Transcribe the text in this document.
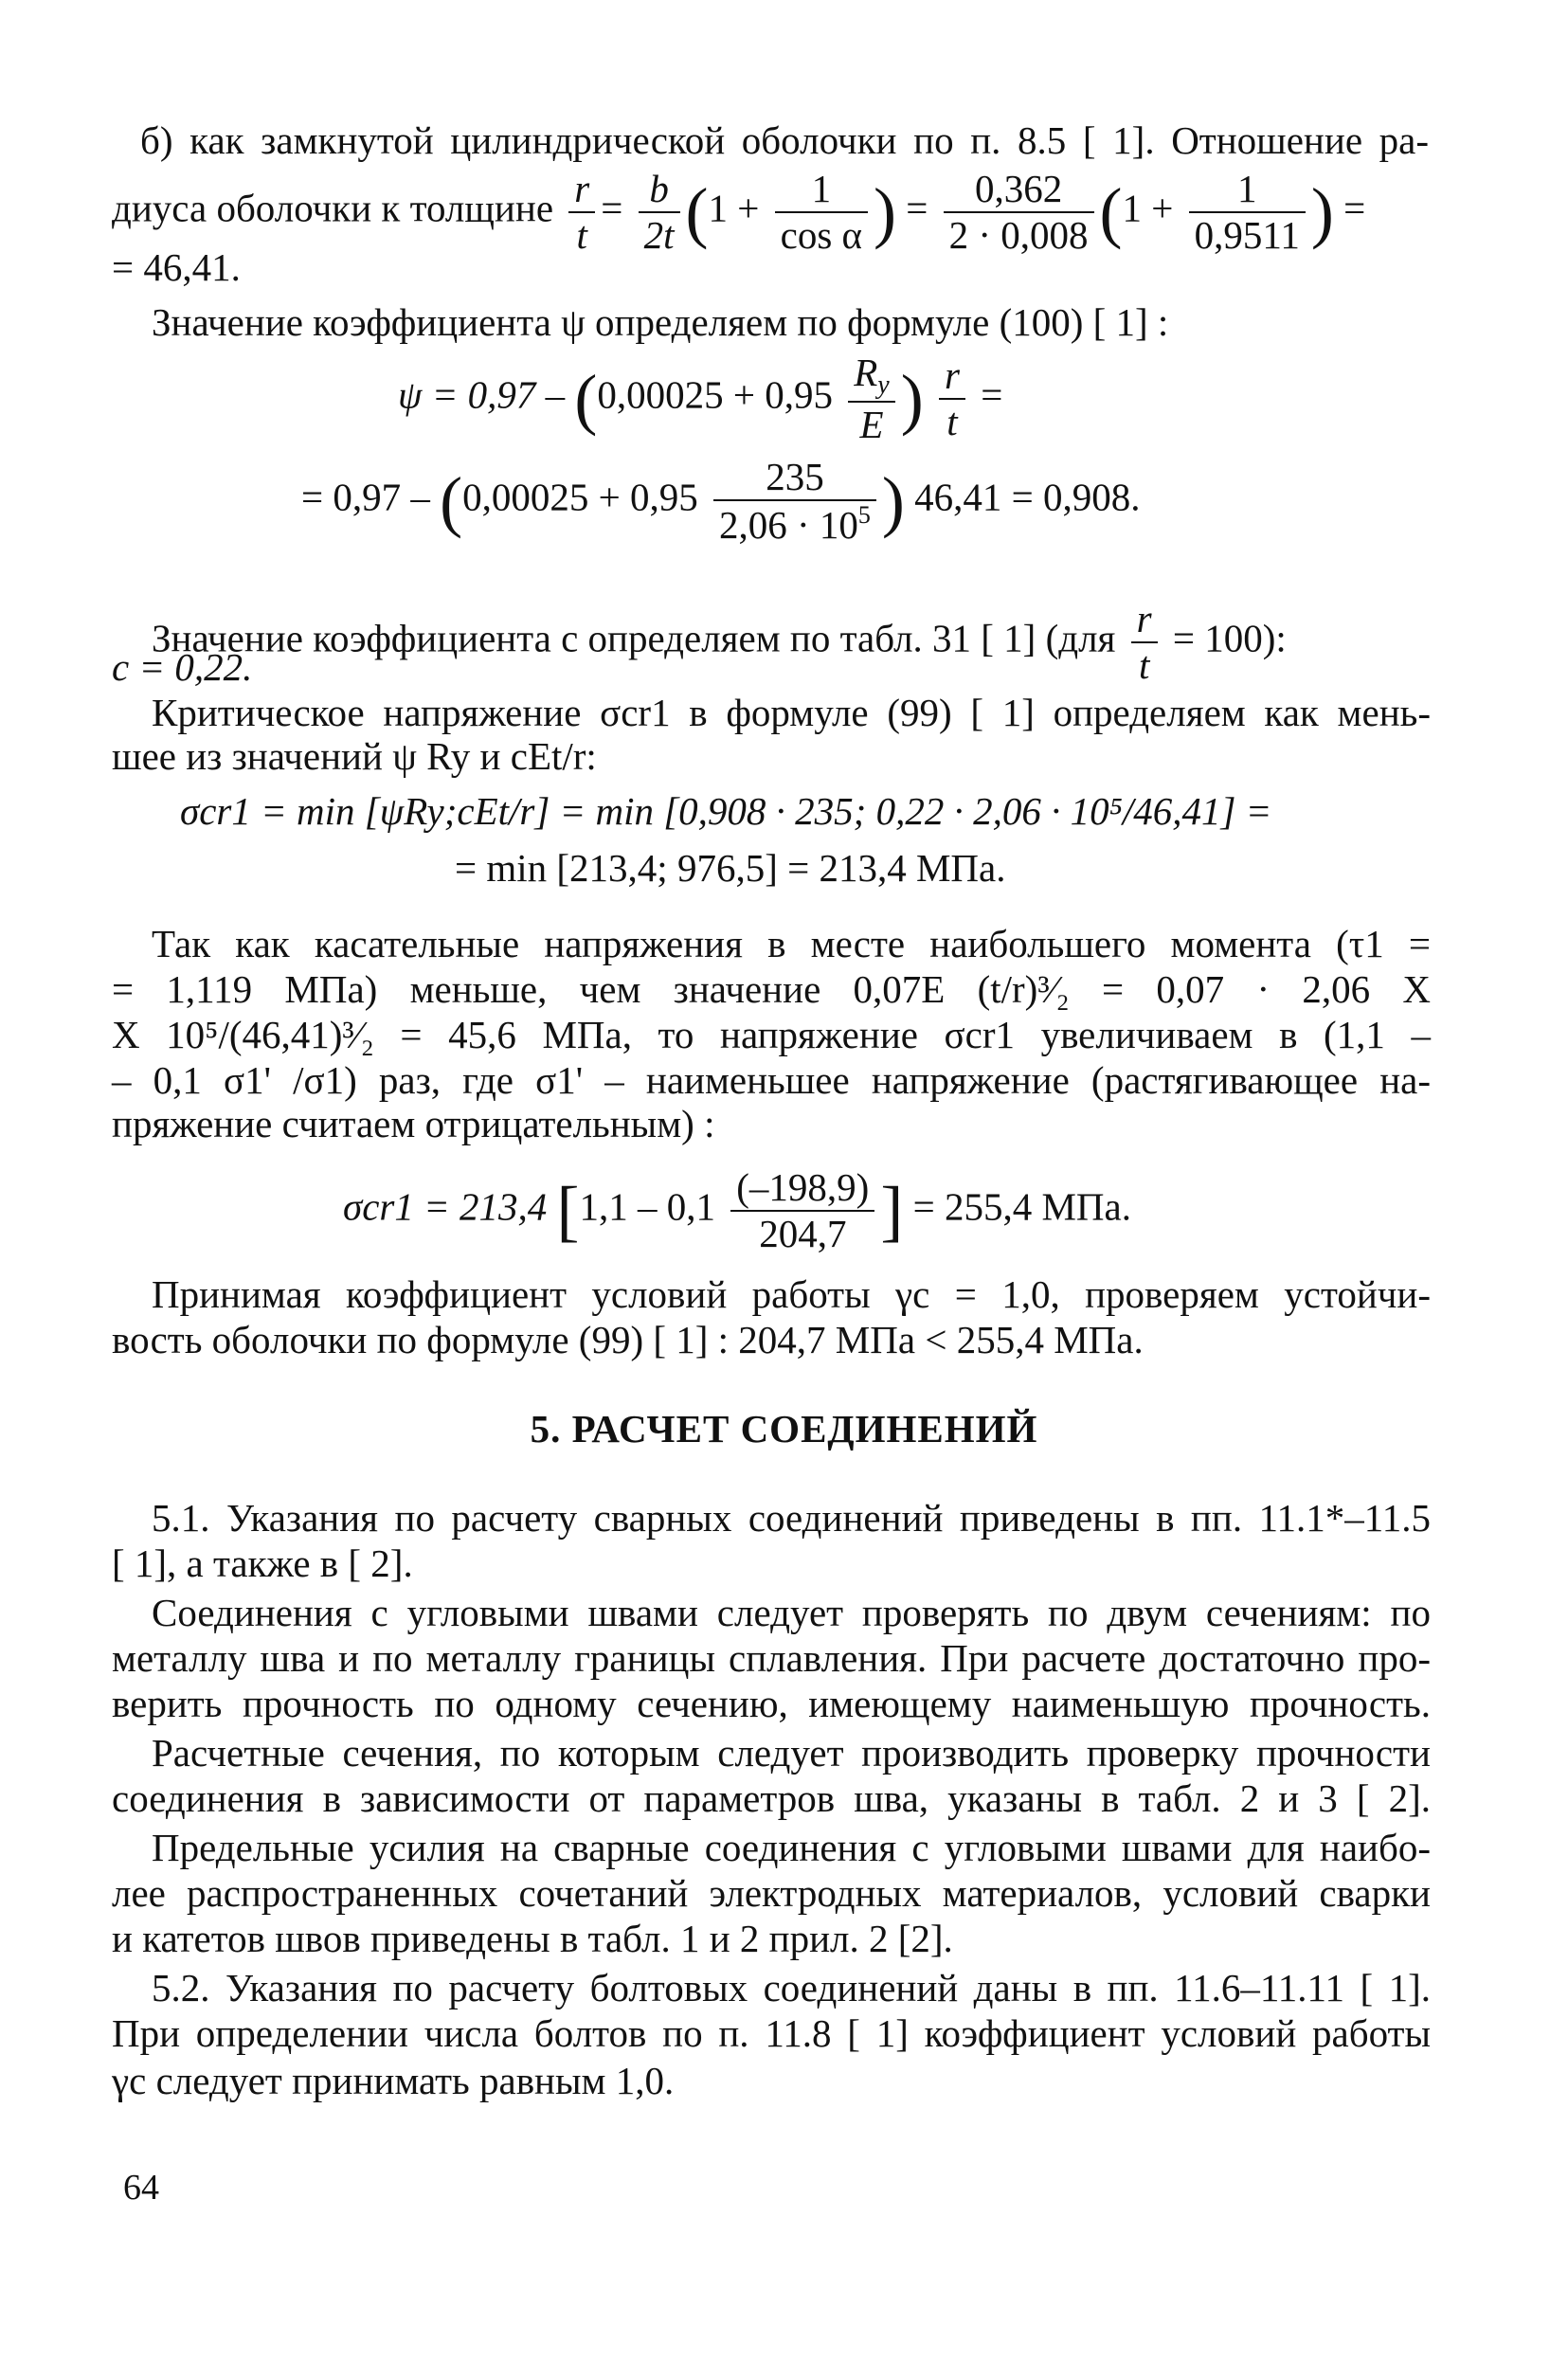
б) как замкнутой цилиндрической оболочки по п. 8.5 [ 1]. Отношение ра-
диуса оболочки к толщине $\frac{r}{t} = \frac{b}{2t} (1 + \frac{1}{\text{cos α}}$ ) = $\frac{0,362}{2 \cdot 0,008} (1 + \frac{1}{0,9511}$ ) =
= 46,41.
Значение коэффициента ψ определяем по формуле (100) [ 1] :
$\psi = 0,97 - (0,00025 + 0,95 \frac{R_y}{E}$ ) $\frac{r}{t}$ =
= $0,97 - (0,00025 + 0,95 \frac{235}{2,06 \cdot 10^5}$ ) 46,41 = 0,908.
Значение коэффициента c определяем по табл. 31 [ 1] $(для \frac{r}{t} = 100)$:
c = 0,22.
Критическое напряжение σcr1 в формуле (99) [ 1] определяем как мень-
шее из значений ψ Ry и cEt/r:
σcr1 = min [ψRy;cEt/r] = min [0,908 · 235; 0,22 · 2,06 · 10⁵/46,41] =
= min [213,4; 976,5] = 213,4 МПа.
Так как касательные напряжения в месте наибольшего момента (τ1 =
= 1,119 МПа) меньше, чем значение 0,07E (t/r)³⁄₂ = 0,07 · 2,06 X
X 10⁵/(46,41)³⁄₂ = 45,6 МПа, то напряжение σcr1 увеличиваем в (1,1 –
– 0,1 σ1' /σ1) раз, где σ1' – наименьшее напряжение (растягивающее на-
пряжение считаем отрицательным) :
σcr1 = 213,4 [$1,1 - 0,1 \frac{(-198,9)}{204,7}$ ] = 255,4 МПа.
Принимая коэффициент условий работы γc = 1,0, проверяем устойчи-
вость оболочки по формуле (99) [ 1] : 204,7 МПа < 255,4 МПа.
5. РАСЧЕТ СОЕДИНЕНИЙ
5.1. Указания по расчету сварных соединений приведены в пп. 11.1*–11.5
[ 1], а также в [ 2].
Соединения с угловыми швами следует проверять по двум сечениям: по
металлу шва и по металлу границы сплавления. При расчете достаточно про-
верить прочность по одному сечению, имеющему наименьшую прочность.
Расчетные сечения, по которым следует производить проверку прочности
соединения в зависимости от параметров шва, указаны в табл. 2 и 3 [ 2].
Предельные усилия на сварные соединения с угловыми швами для наибо-
лее распространенных сочетаний электродных материалов, условий сварки
и катетов швов приведены в табл. 1 и 2 прил. 2 [2].
5.2. Указания по расчету болтовых соединений даны в пп. 11.6–11.11 [ 1].
При определении числа болтов по п. 11.8 [ 1] коэффициент условий работы
γc следует принимать равным 1,0.
64
